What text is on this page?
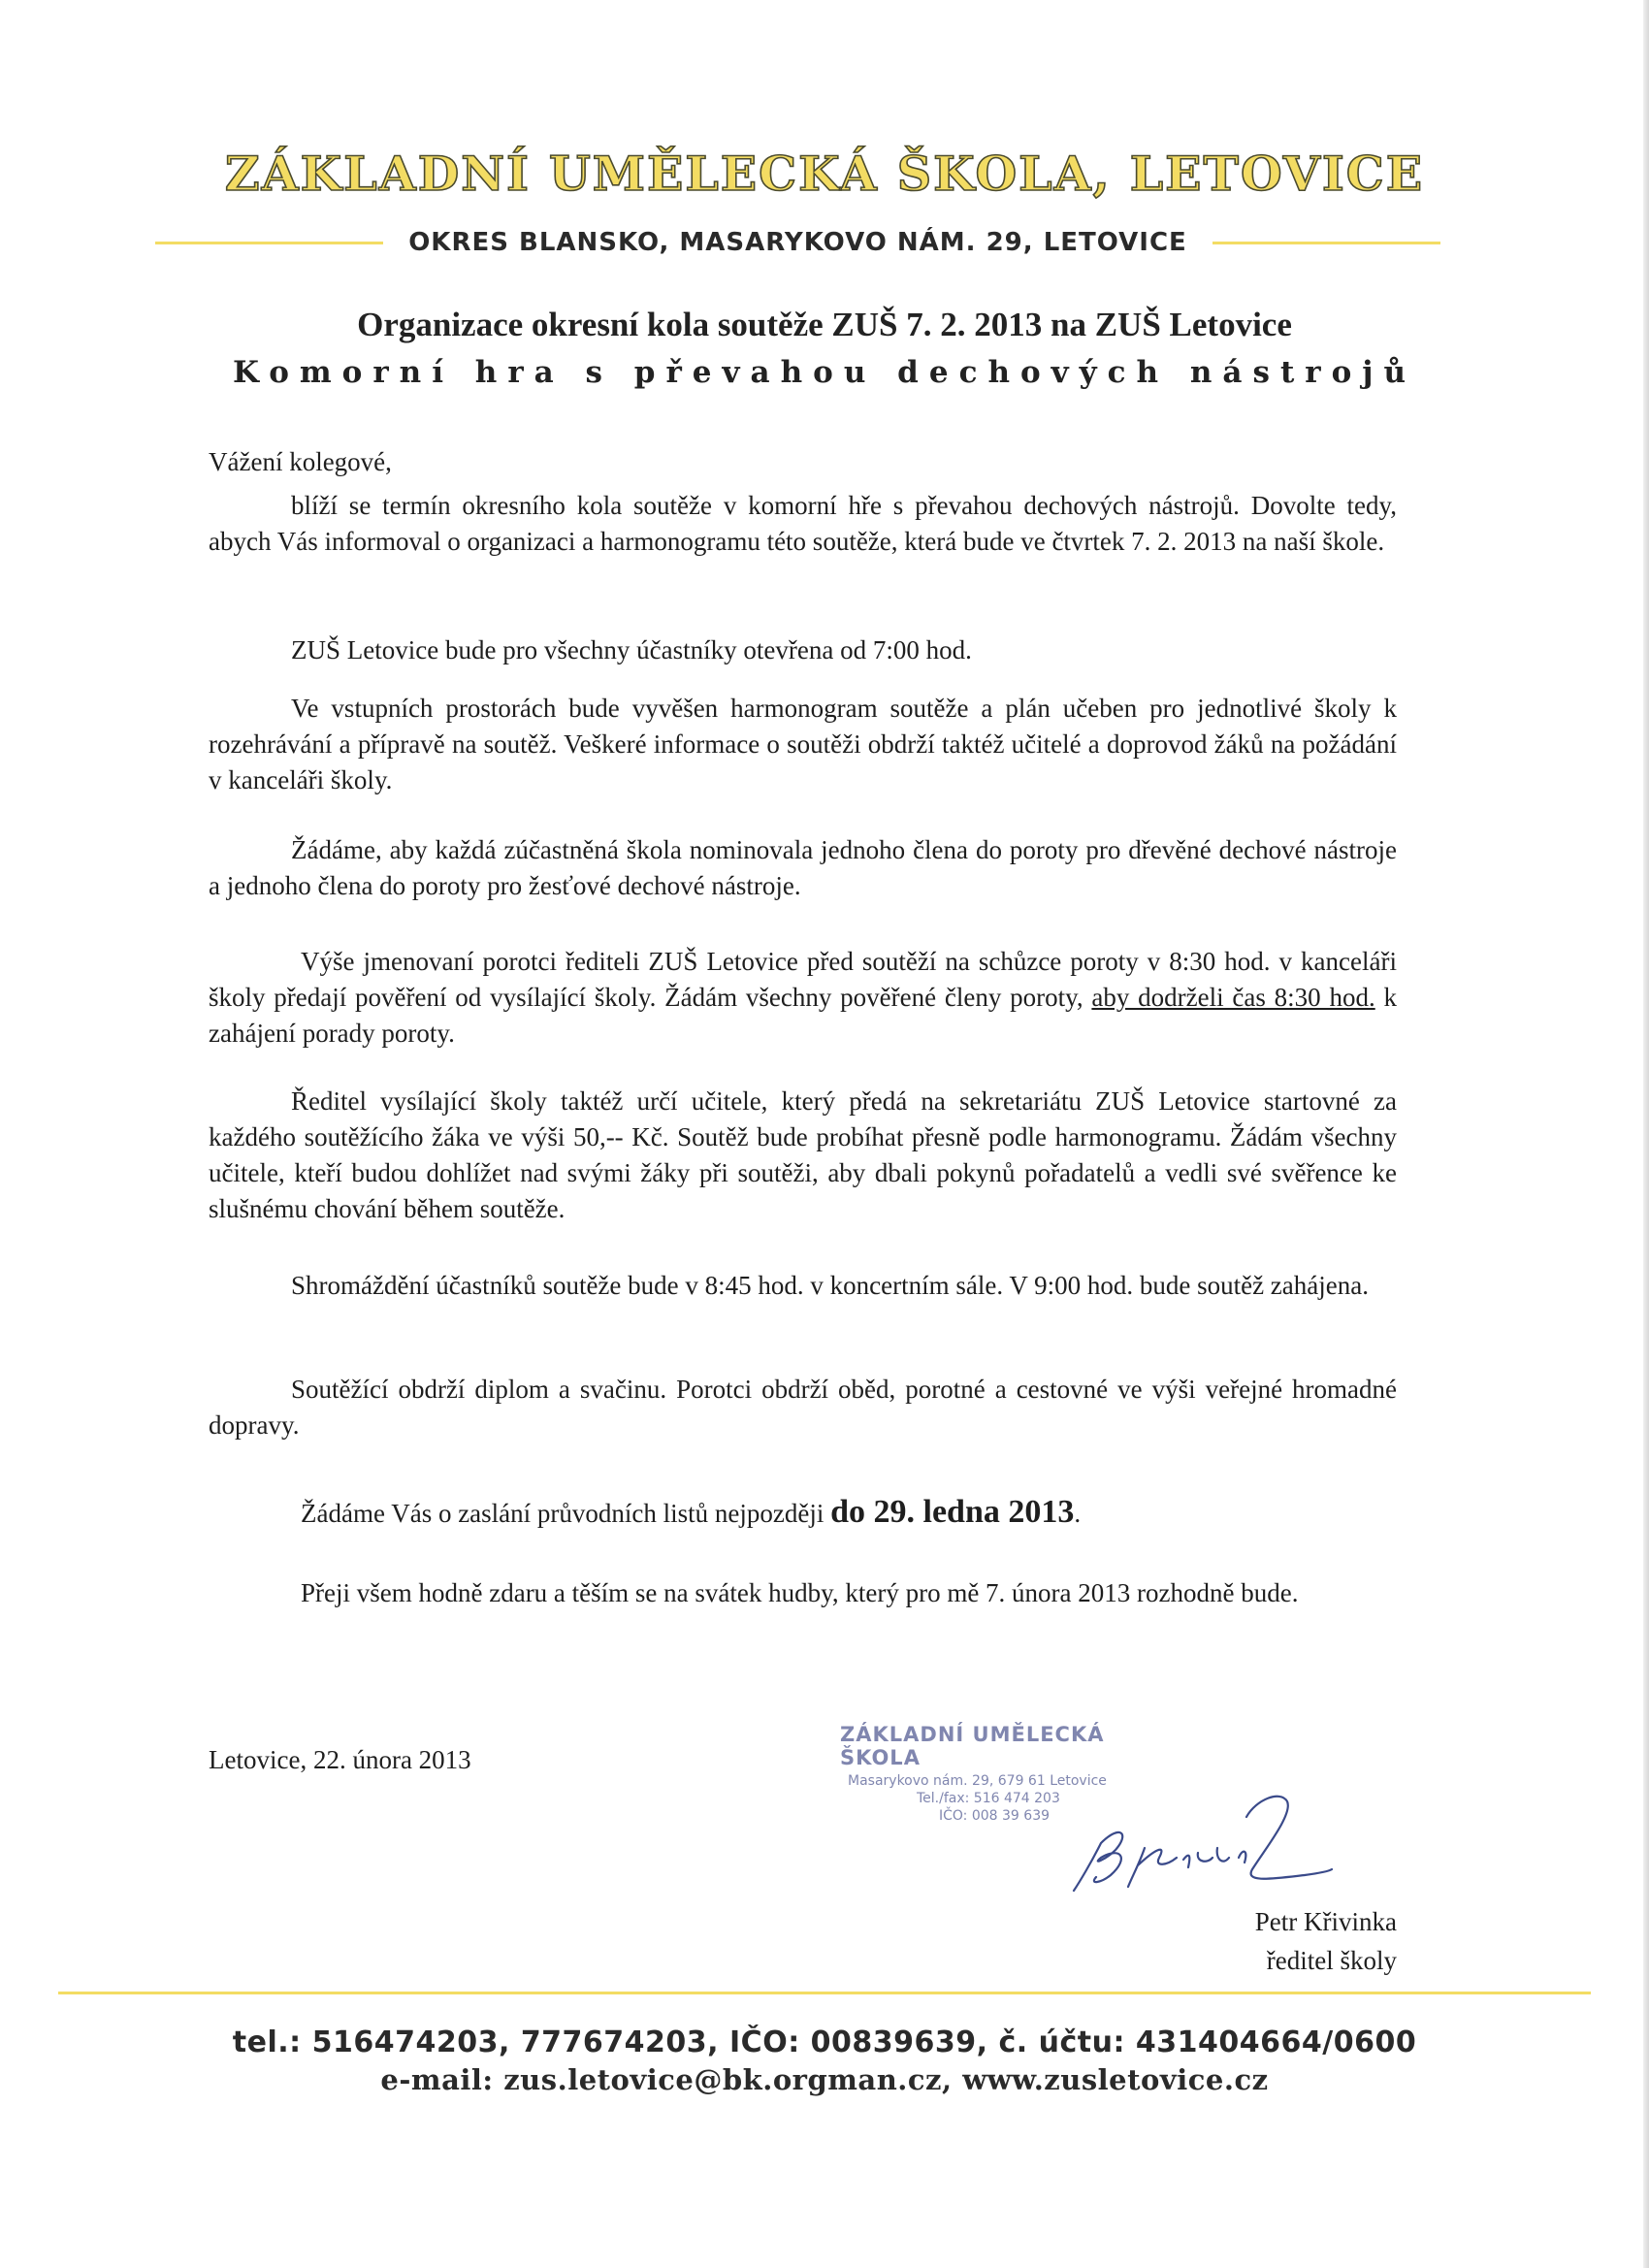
ZÁKLADNÍ UMĚLECKÁ ŠKOLA, LETOVICE
OKRES BLANSKO, MASARYKOVO NÁM. 29, LETOVICE
Organizace okresní kola soutěže ZUŠ 7. 2. 2013 na ZUŠ Letovice
Komorní hra s převahou dechových nástrojů

Vážení kolegové,

blíží se termín okresního kola soutěže v komorní hře s převahou dechových nástrojů. Dovolte tedy, abych Vás informoval o organizaci a harmonogramu této soutěže, která bude ve čtvrtek 7. 2. 2013 na naší škole.

ZUŠ Letovice bude pro všechny účastníky otevřena od 7:00 hod.

Ve vstupních prostorách bude vyvěšen harmonogram soutěže a plán učeben pro jednotlivé školy k rozehrávání a přípravě na soutěž. Veškeré informace o soutěži obdrží taktéž učitelé a doprovod žáků na požádání v kanceláři školy.

Žádáme, aby každá zúčastněná škola nominovala jednoho člena do poroty pro dřevěné dechové nástroje a jednoho člena do poroty pro žesťové dechové nástroje.

Výše jmenovaní porotci řediteli ZUŠ Letovice před soutěží na schůzce poroty v 8:30 hod. v kanceláři školy předají pověření od vysílající školy. Žádám všechny pověřené členy poroty, aby dodrželi čas 8:30 hod. k zahájení porady poroty.

Ředitel vysílající školy taktéž určí učitele, který předá na sekretariátu ZUŠ Letovice startovné za každého soutěžícího žáka ve výši 50,-- Kč. Soutěž bude probíhat přesně podle harmonogramu. Žádám všechny učitele, kteří budou dohlížet nad svými žáky při soutěži, aby dbali pokynů pořadatelů a vedli své svěřence ke slušnému chování během soutěže.

Shromáždění účastníků soutěže bude v 8:45 hod. v koncertním sále. V 9:00 hod. bude soutěž zahájena.

Soutěžící obdrží diplom a svačinu. Porotci obdrží oběd, porotné a cestovné ve výši veřejné hromadné dopravy.

Žádáme Vás o zaslání průvodních listů nejpozději do 29. ledna 2013.

Přeji všem hodně zdaru a těším se na svátek hudby, který pro mě 7. února 2013 rozhodně bude.

Letovice, 22. února 2013

ZÁKLADNÍ UMĚLECKÁ ŠKOLA
Masarykovo nám. 29, 679 61 Letovice
Tel./fax: 516 474 203
IČO: 008 39 639

Petr Křivinka

ředitel školy

tel.: 516474203, 777674203, IČO: 00839639, č. účtu: 431404664/0600

e-mail: zus.letovice@bk.orgman.cz, www.zusletovice.cz
